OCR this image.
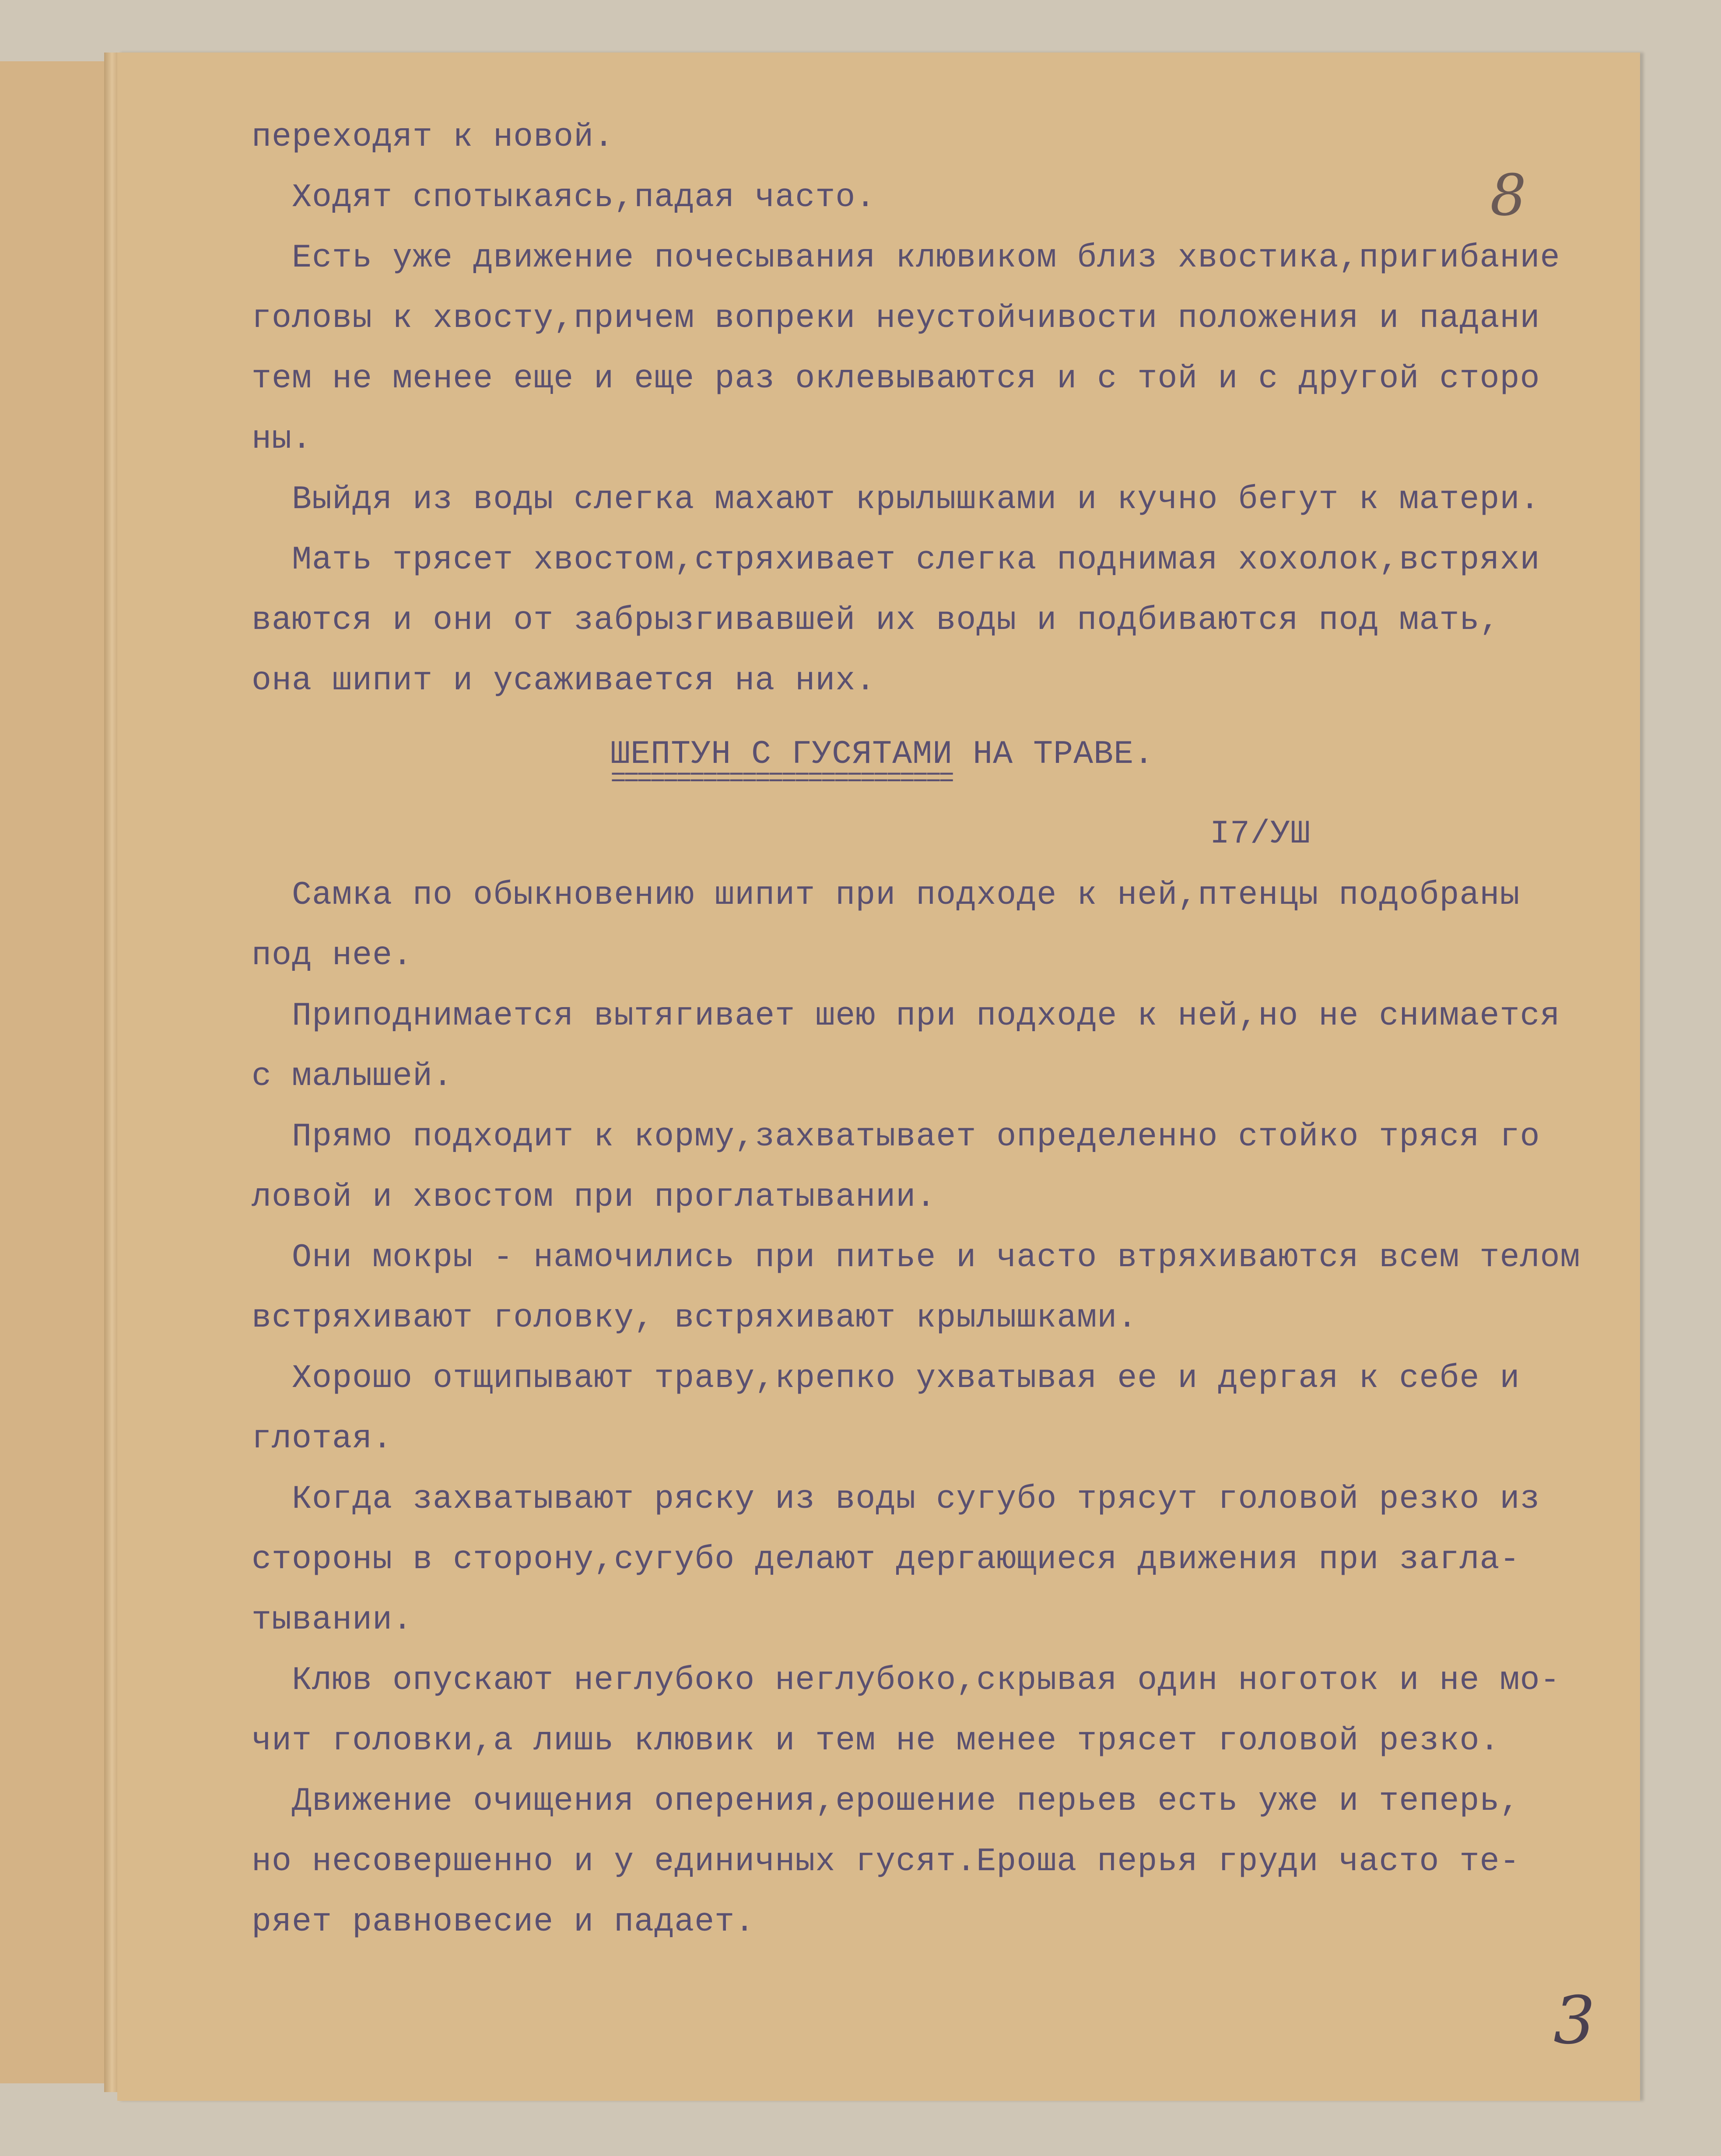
8
переходят к новой.
Ходят спотыкаясь,падая часто.
Есть уже движение почесывания клювиком близ хвостика,пригибание
головы к хвосту,причем вопреки неустойчивости положения и падани
тем не менее еще и еще раз оклевываются и с той и с другой сторо
ны.
Выйдя из воды слегка махают крылышками и кучно бегут к матери.
Мать трясет хвостом,стряхивает слегка поднимая хохолок,встряхи
ваются и они от забрызгивавшей их воды и подбиваются под мать,
она шипит и усаживается на них.
ШЕПТУН С ГУСЯТАМИ НА ТРАВЕ.
==========================
I7/УШ
Самка по обыкновению шипит при подходе к ней,птенцы подобраны
под нее.
Приподнимается вытягивает шею при подходе к ней,но не снимается
с малышей.
Прямо подходит к корму,захватывает определенно стойко тряся го
ловой и хвостом при проглатывании.
Они мокры - намочились при питье и часто втряхиваются всем телом
встряхивают головку, встряхивают крылышками.
Хорошо отщипывают траву,крепко ухватывая ее и дергая к себе и
глотая.
Когда захватывают ряску из воды сугубо трясут головой резко из
стороны в сторону,сугубо делают дергающиеся движения при загла-
тывании.
Клюв опускают неглубоко неглубоко,скрывая один ноготок и не мо-
чит головки,а лишь клювик и тем не менее трясет головой резко.
Движение очищения оперения,ерошение перьев есть уже и теперь,
но несовершенно и у единичных гусят.Ероша перья груди часто те-
ряет равновесие и падает.
3
